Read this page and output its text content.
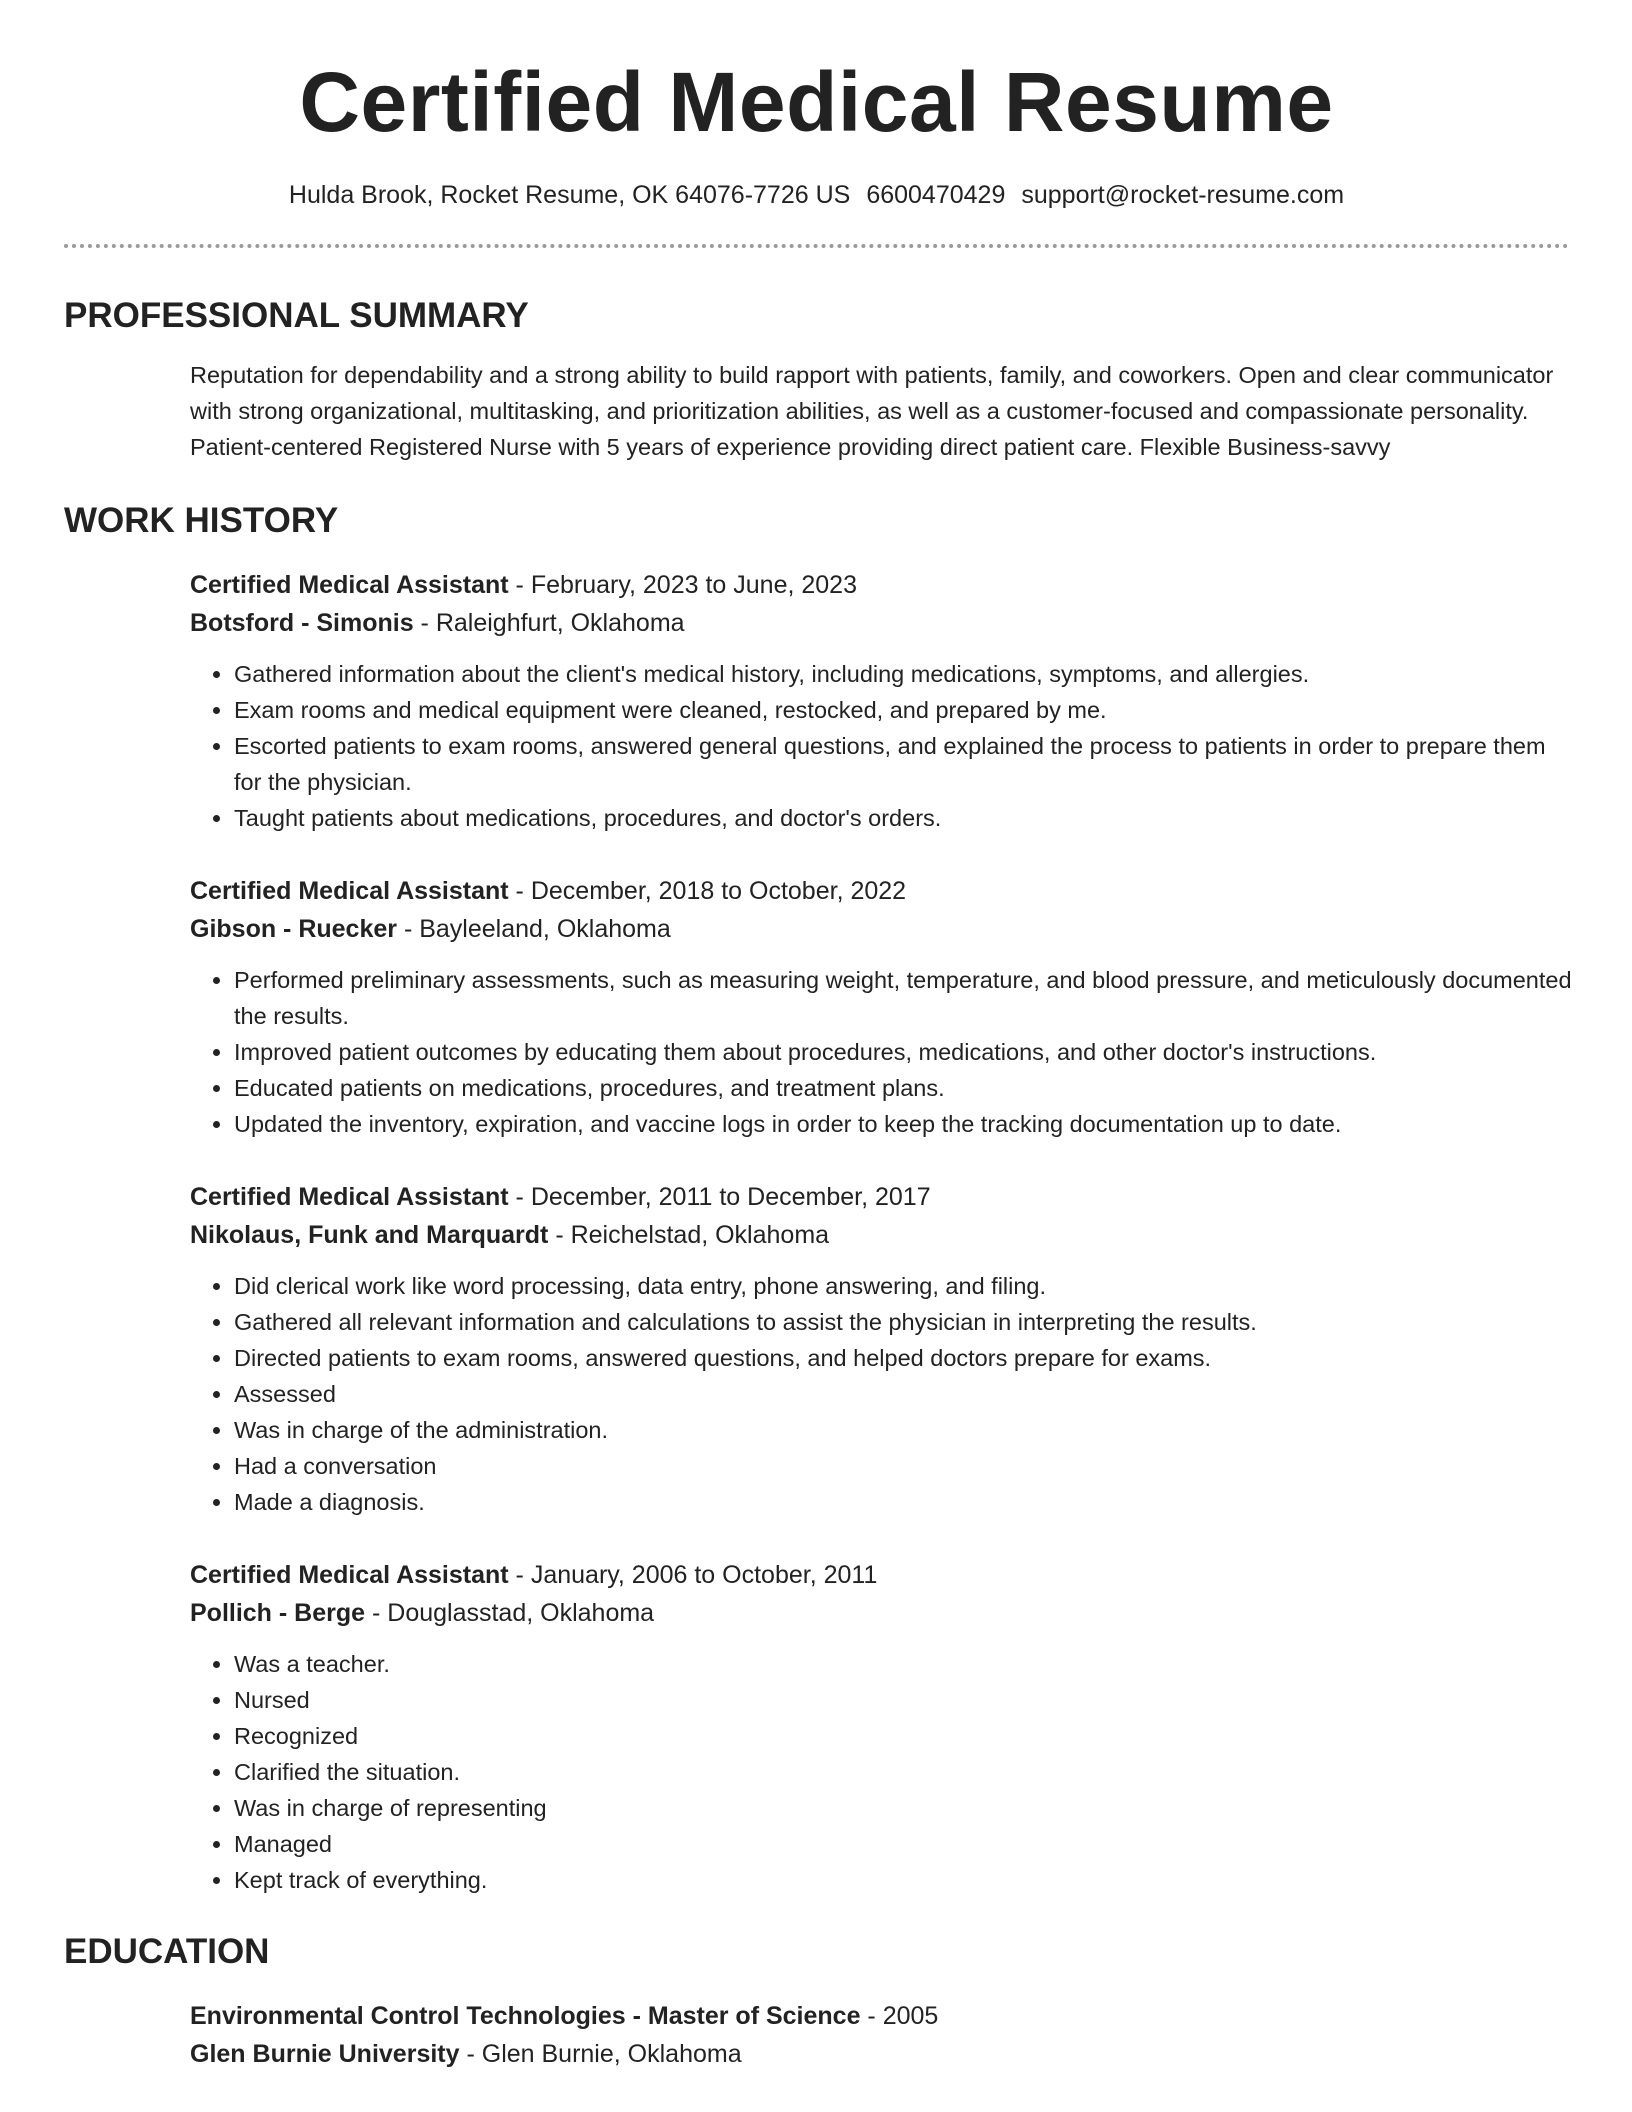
Certified Medical Resume
Hulda Brook, Rocket Resume, OK 64076-7726 US 6600470429 support@rocket-resume.com
PROFESSIONAL SUMMARY
Reputation for dependability and a strong ability to build rapport with patients, family, and coworkers. Open and clear communicator with strong organizational, multitasking, and prioritization abilities, as well as a customer-focused and compassionate personality. Patient-centered Registered Nurse with 5 years of experience providing direct patient care. Flexible Business-savvy
WORK HISTORY
Certified Medical Assistant - February, 2023 to June, 2023
Botsford - Simonis - Raleighfurt, Oklahoma
• Gathered information about the client's medical history, including medications, symptoms, and allergies.
• Exam rooms and medical equipment were cleaned, restocked, and prepared by me.
• Escorted patients to exam rooms, answered general questions, and explained the process to patients in order to prepare them for the physician.
• Taught patients about medications, procedures, and doctor's orders.
Certified Medical Assistant - December, 2018 to October, 2022
Gibson - Ruecker - Bayleeland, Oklahoma
• Performed preliminary assessments, such as measuring weight, temperature, and blood pressure, and meticulously documented the results.
• Improved patient outcomes by educating them about procedures, medications, and other doctor's instructions.
• Educated patients on medications, procedures, and treatment plans.
• Updated the inventory, expiration, and vaccine logs in order to keep the tracking documentation up to date.
Certified Medical Assistant - December, 2011 to December, 2017
Nikolaus, Funk and Marquardt - Reichelstad, Oklahoma
• Did clerical work like word processing, data entry, phone answering, and filing.
• Gathered all relevant information and calculations to assist the physician in interpreting the results.
• Directed patients to exam rooms, answered questions, and helped doctors prepare for exams.
• Assessed
• Was in charge of the administration.
• Had a conversation
• Made a diagnosis.
Certified Medical Assistant - January, 2006 to October, 2011
Pollich - Berge - Douglasstad, Oklahoma
• Was a teacher.
• Nursed
• Recognized
• Clarified the situation.
• Was in charge of representing
• Managed
• Kept track of everything.
EDUCATION
Environmental Control Technologies - Master of Science - 2005
Glen Burnie University - Glen Burnie, Oklahoma
